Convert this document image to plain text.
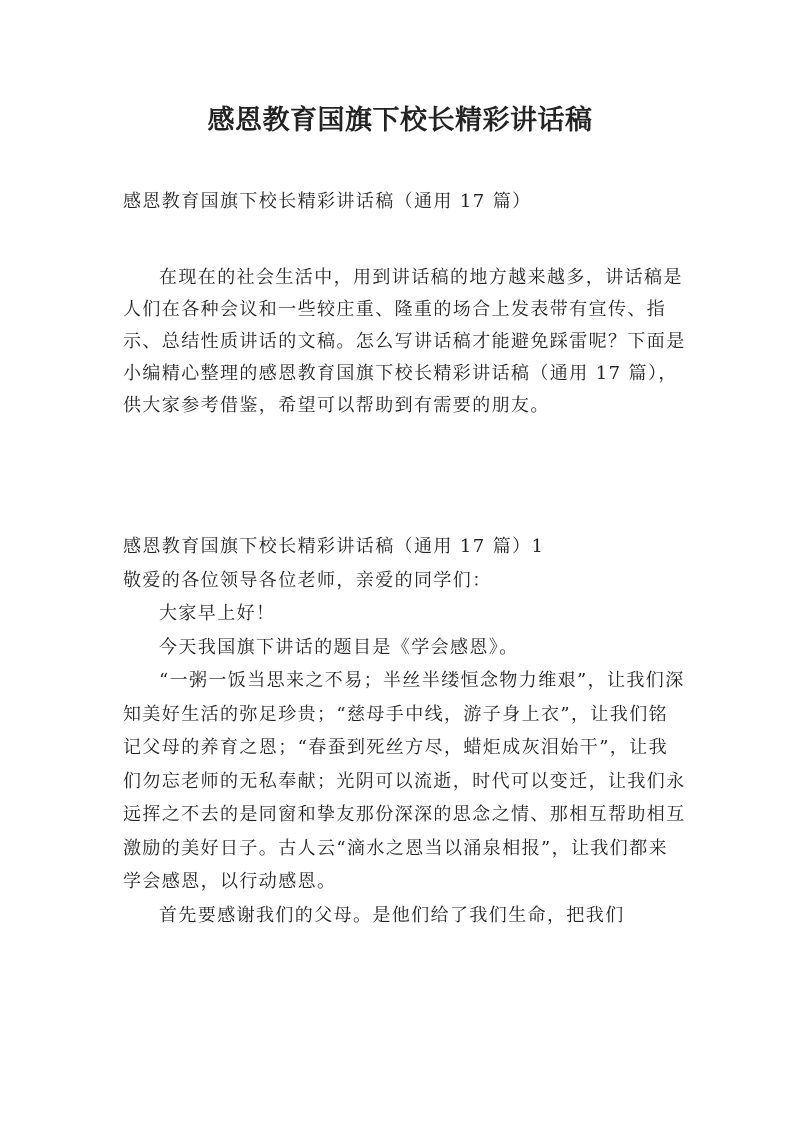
感恩教育国旗下校长精彩讲话稿
感恩教育国旗下校长精彩讲话稿（通用 17 篇）

在现在的社会生活中，用到讲话稿的地方越来越多，讲话稿是人们在各种会议和一些较庄重、隆重的场合上发表带有宣传、指示、总结性质讲话的文稿。怎么写讲话稿才能避免踩雷呢？下面是小编精心整理的感恩教育国旗下校长精彩讲话稿（通用 17 篇），供大家参考借鉴，希望可以帮助到有需要的朋友。

感恩教育国旗下校长精彩讲话稿（通用 17 篇）1

敬爱的各位领导各位老师，亲爱的同学们：

大家早上好！

今天我国旗下讲话的题目是《学会感恩》。

“一粥一饭当思来之不易；半丝半缕恒念物力维艰”，让我们深知美好生活的弥足珍贵；“慈母手中线，游子身上衣”，让我们铭记父母的养育之恩；“春蚕到死丝方尽，蜡炬成灰泪始干”，让我们勿忘老师的无私奉献；光阴可以流逝，时代可以变迁，让我们永远挥之不去的是同窗和挚友那份深深的思念之情、那相互帮助相互激励的美好日子。古人云“滴水之恩当以涌泉相报”，让我们都来学会感恩，以行动感恩。

首先要感谢我们的父母。是他们给了我们生命，把我们
